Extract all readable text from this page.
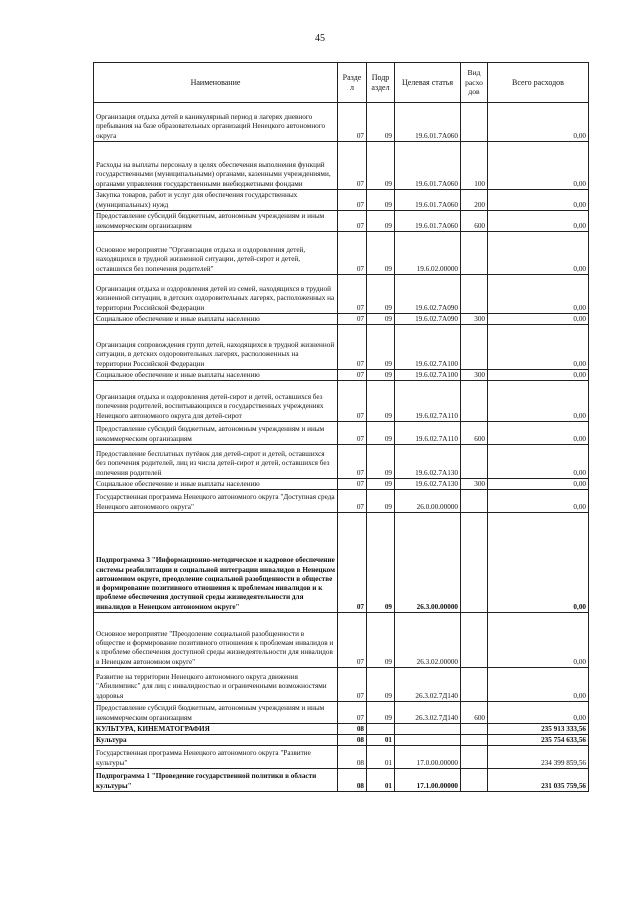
45
Наименование	Разде л	Подр аздел	Целевая статья	Вид расхо дов	Всего расходов
Организация отдыха детей в каникулярный период в лагерях дневного пребывания на базе образовательных организаций Ненецкого автономного округа	07	09	19.6.01.7А060		0,00
Расходы на выплаты персоналу в целях обеспечения выполнения функций государственными (муниципальными) органами, казенными учреждениями, органами управления государственными внебюджетными фондами	07	09	19.6.01.7А060	100	0,00
Закупка товаров, работ и услуг для обеспечения государственных (муниципальных) нужд	07	09	19.6.01.7А060	200	0,00
Предоставление субсидий бюджетным, автономным учреждениям и иным некоммерческим организациям	07	09	19.6.01.7А060	600	0,00
Основное мероприятие "Организация отдыха и оздоровления детей, находящихся в трудной жизненной ситуации, детей-сирот и детей, оставшихся без попечения родителей"	07	09	19.6.02.00000		0,00
Организация отдыха и оздоровления детей из семей, находящихся в трудной жизненной ситуации, в детских оздоровительных лагерях, расположенных на территории Российской Федерации	07	09	19.6.02.7А090		0,00
Социальное обеспечение и иные выплаты населению	07	09	19.6.02.7А090	300	0,00
Организация сопровождения групп детей, находящихся в трудной жизненной ситуации, в детских оздоровительных лагерях, расположенных на территории Российской Федерации	07	09	19.6.02.7А100		0,00
Социальное обеспечение и иные выплаты населению	07	09	19.6.02.7А100	300	0,00
Организация отдыха и оздоровления детей-сирот и детей, оставшихся без попечения родителей, воспитывающихся в государственных учреждениях Ненецкого автономного округа для детей-сирот	07	09	19.6.02.7А110		0,00
Предоставление субсидий бюджетным, автономным учреждениям и иным некоммерческим организациям	07	09	19.6.02.7А110	600	0,00
Предоставление бесплатных путёвок для детей-сирот и детей, оставшихся без попечения родителей, лиц из числа детей-сирот и детей, оставшихся без попечения родителей	07	09	19.6.02.7А130		0,00
Социальное обеспечение и иные выплаты населению	07	09	19.6.02.7А130	300	0,00
Государственная программа Ненецкого автономного округа "Доступная среда Ненецкого автономного округа"	07	09	26.0.00.00000		0,00
Подпрограмма 3 "Информационно-методическое и кадровое обеспечение системы реабилитации и социальной интеграции инвалидов в Ненецком автономном округе, преодоление социальной разобщенности в обществе и формирование позитивного отношения к проблемам инвалидов и к проблеме обеспечения доступной среды жизнедеятельности для инвалидов в Ненецком автономном округе"	07	09	26.3.00.00000		0,00
Основное мероприятие "Преодоление социальной разобщенности в обществе и формирование позитивного отношения к проблемам инвалидов и к проблеме обеспечения доступной среды жизнедеятельности для инвалидов в Ненецком автономном округе"	07	09	26.3.02.00000		0,00
Развитие на территории Ненецкого автономного округа движения "Абилимпикс" для лиц с инвалидностью и ограниченными возможностями здоровья	07	09	26.3.02.7Д140		0,00
Предоставление субсидий бюджетным, автономным учреждениям и иным некоммерческим организациям	07	09	26.3.02.7Д140	600	0,00
КУЛЬТУРА, КИНЕМАТОГРАФИЯ	08				235 913 333,56
Культура	08	01			235 754 633,56
Государственная программа Ненецкого автономного округа "Развитие культуры"	08	01	17.0.00.00000		234 399 859,56
Подпрограмма 1 "Проведение государственной политики в области культуры"	08	01	17.1.00.00000		231 035 759,56
